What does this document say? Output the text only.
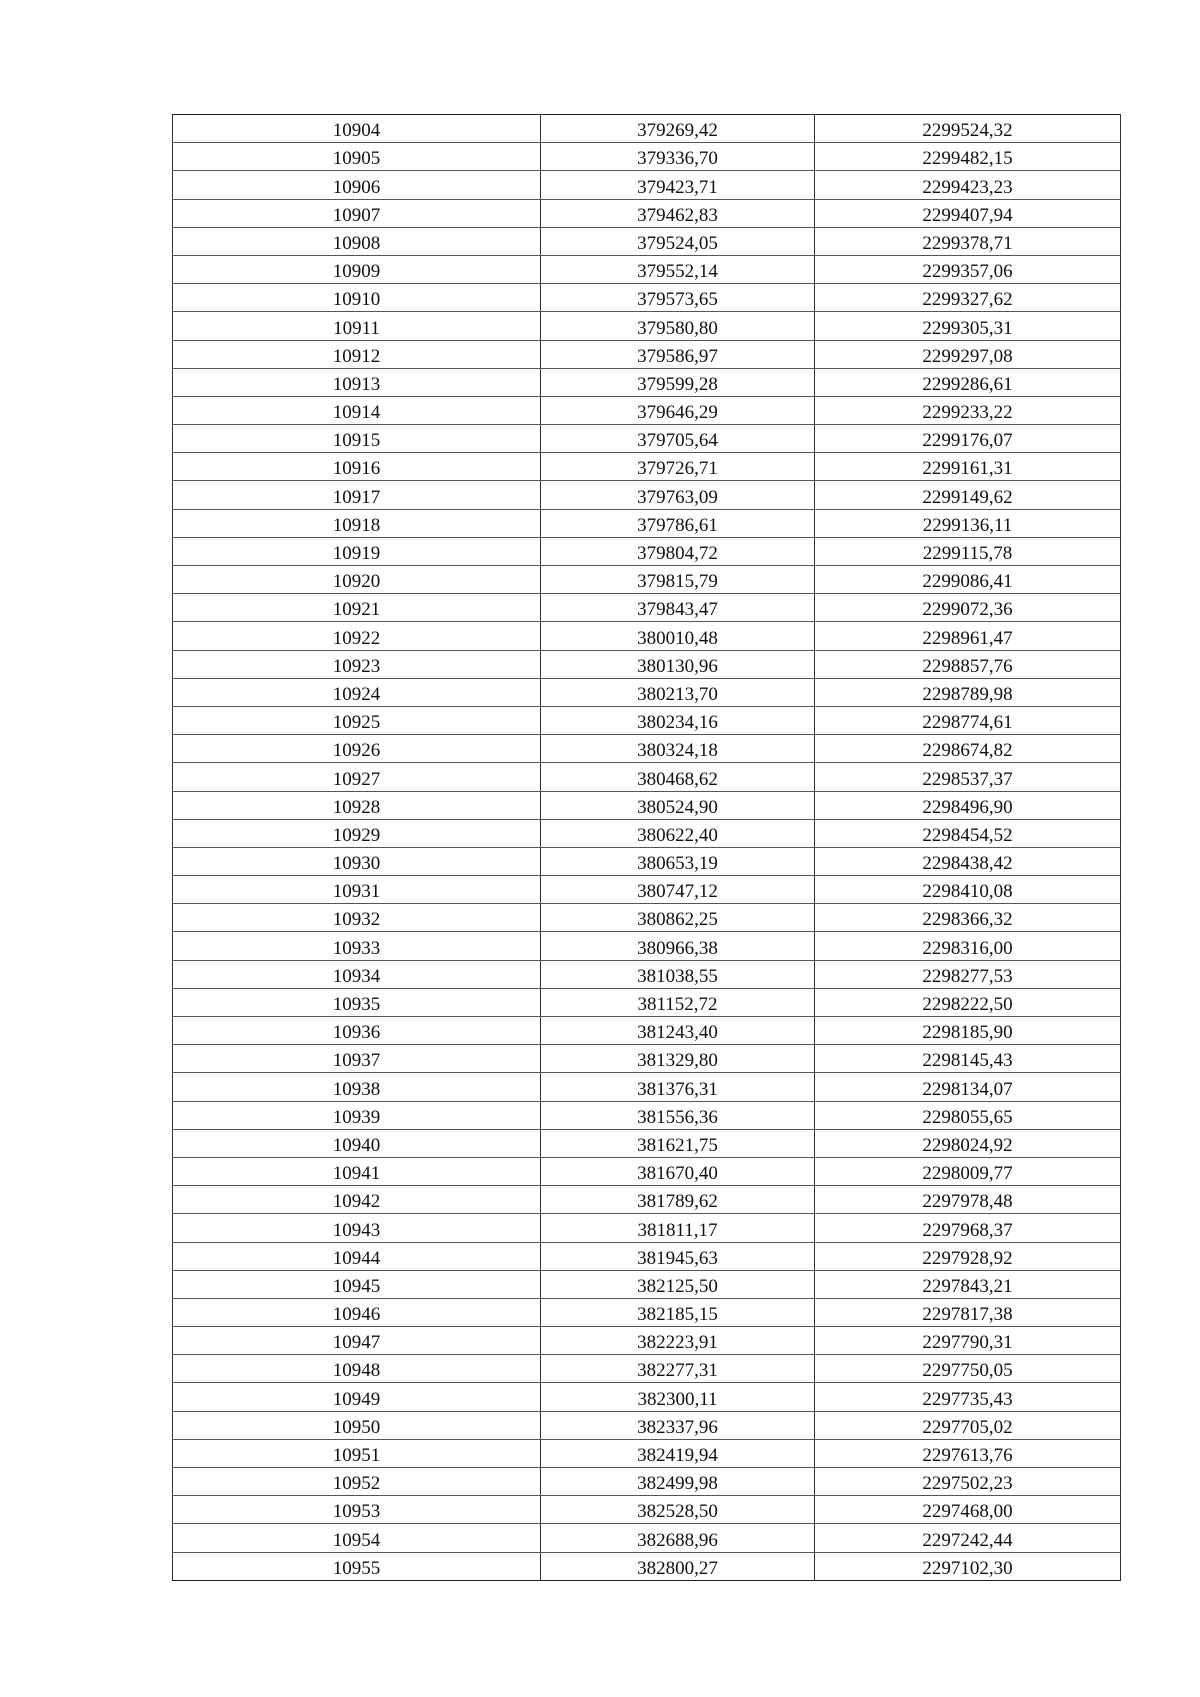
10904	379269,42	2299524,32
10905	379336,70	2299482,15
10906	379423,71	2299423,23
10907	379462,83	2299407,94
10908	379524,05	2299378,71
10909	379552,14	2299357,06
10910	379573,65	2299327,62
10911	379580,80	2299305,31
10912	379586,97	2299297,08
10913	379599,28	2299286,61
10914	379646,29	2299233,22
10915	379705,64	2299176,07
10916	379726,71	2299161,31
10917	379763,09	2299149,62
10918	379786,61	2299136,11
10919	379804,72	2299115,78
10920	379815,79	2299086,41
10921	379843,47	2299072,36
10922	380010,48	2298961,47
10923	380130,96	2298857,76
10924	380213,70	2298789,98
10925	380234,16	2298774,61
10926	380324,18	2298674,82
10927	380468,62	2298537,37
10928	380524,90	2298496,90
10929	380622,40	2298454,52
10930	380653,19	2298438,42
10931	380747,12	2298410,08
10932	380862,25	2298366,32
10933	380966,38	2298316,00
10934	381038,55	2298277,53
10935	381152,72	2298222,50
10936	381243,40	2298185,90
10937	381329,80	2298145,43
10938	381376,31	2298134,07
10939	381556,36	2298055,65
10940	381621,75	2298024,92
10941	381670,40	2298009,77
10942	381789,62	2297978,48
10943	381811,17	2297968,37
10944	381945,63	2297928,92
10945	382125,50	2297843,21
10946	382185,15	2297817,38
10947	382223,91	2297790,31
10948	382277,31	2297750,05
10949	382300,11	2297735,43
10950	382337,96	2297705,02
10951	382419,94	2297613,76
10952	382499,98	2297502,23
10953	382528,50	2297468,00
10954	382688,96	2297242,44
10955	382800,27	2297102,30
